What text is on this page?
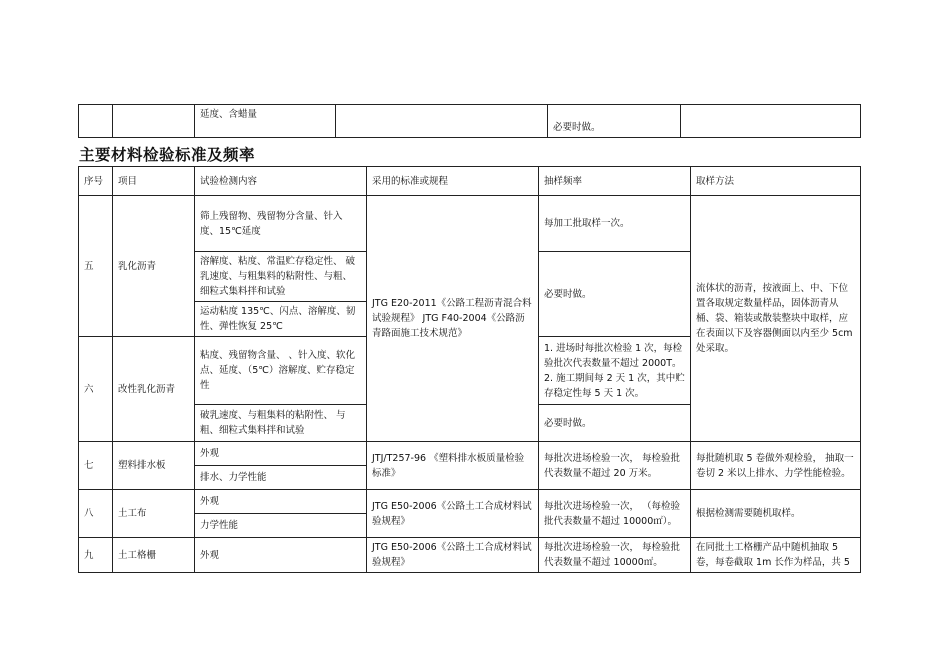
		延度、含蜡量		必要时做。	
主要材料检验标准及频率
序号	项目	试验检测内容	采用的标准或规程	抽样频率	取样方法
五	乳化沥青	筛上残留物、残留物分含量、针入度、15℃延度	JTG E20-2011《公路工程沥青混合料试验规程》 JTG F40-2004《公路沥青路面施工技术规范》	每加工批取样一次。	流体状的沥青，按液面上、中、下位置各取规定数量样品，固体沥青从桶、袋、箱装或散装整块中取样，应在表面以下及容器侧面以内至少 5cm处采取。
		溶解度、粘度、常温贮存稳定性、 破乳速度、与粗集料的粘附性、与粗、细粒式集料拌和试验		必要时做。	
		运动粘度 135℃、闪点、溶解度、韧性、弹性恢复 25℃			
六	改性乳化沥青	粘度、残留物含量、 、针入度、软化点、延度、（5℃）溶解度、贮存稳定性		1. 进场时每批次检验 1 次，每检验批次代表数量不超过 2000T。 2. 施工期间每 2 天 1 次，其中贮存稳定性每 5 天 1 次。	
		破乳速度、与粗集料的粘附性、 与粗、细粒式集料拌和试验		必要时做。	
七	塑料排水板	外观	JTJ/T257-96 《塑料排水板质量检验标准》	每批次进场检验一次， 每检验批代表数量不超过 20 万米。	每批随机取 5 卷做外观检验， 抽取一卷切 2 米以上排水、力学性能检验。
		排水、力学性能			
八	土工布	外观	JTG E50-2006《公路土工合成材料试验规程》	每批次进场检验一次， （每检验批代表数量不超过 10000㎡）。	根据检测需要随机取样。
		力学性能			
九	土工格栅	外观	JTG E50-2006《公路土工合成材料试验规程》	每批次进场检验一次， 每检验批代表数量不超过 10000㎡。	在同批土工格栅产品中随机抽取 5 卷，每卷截取 1m 长作为样品，共 5
